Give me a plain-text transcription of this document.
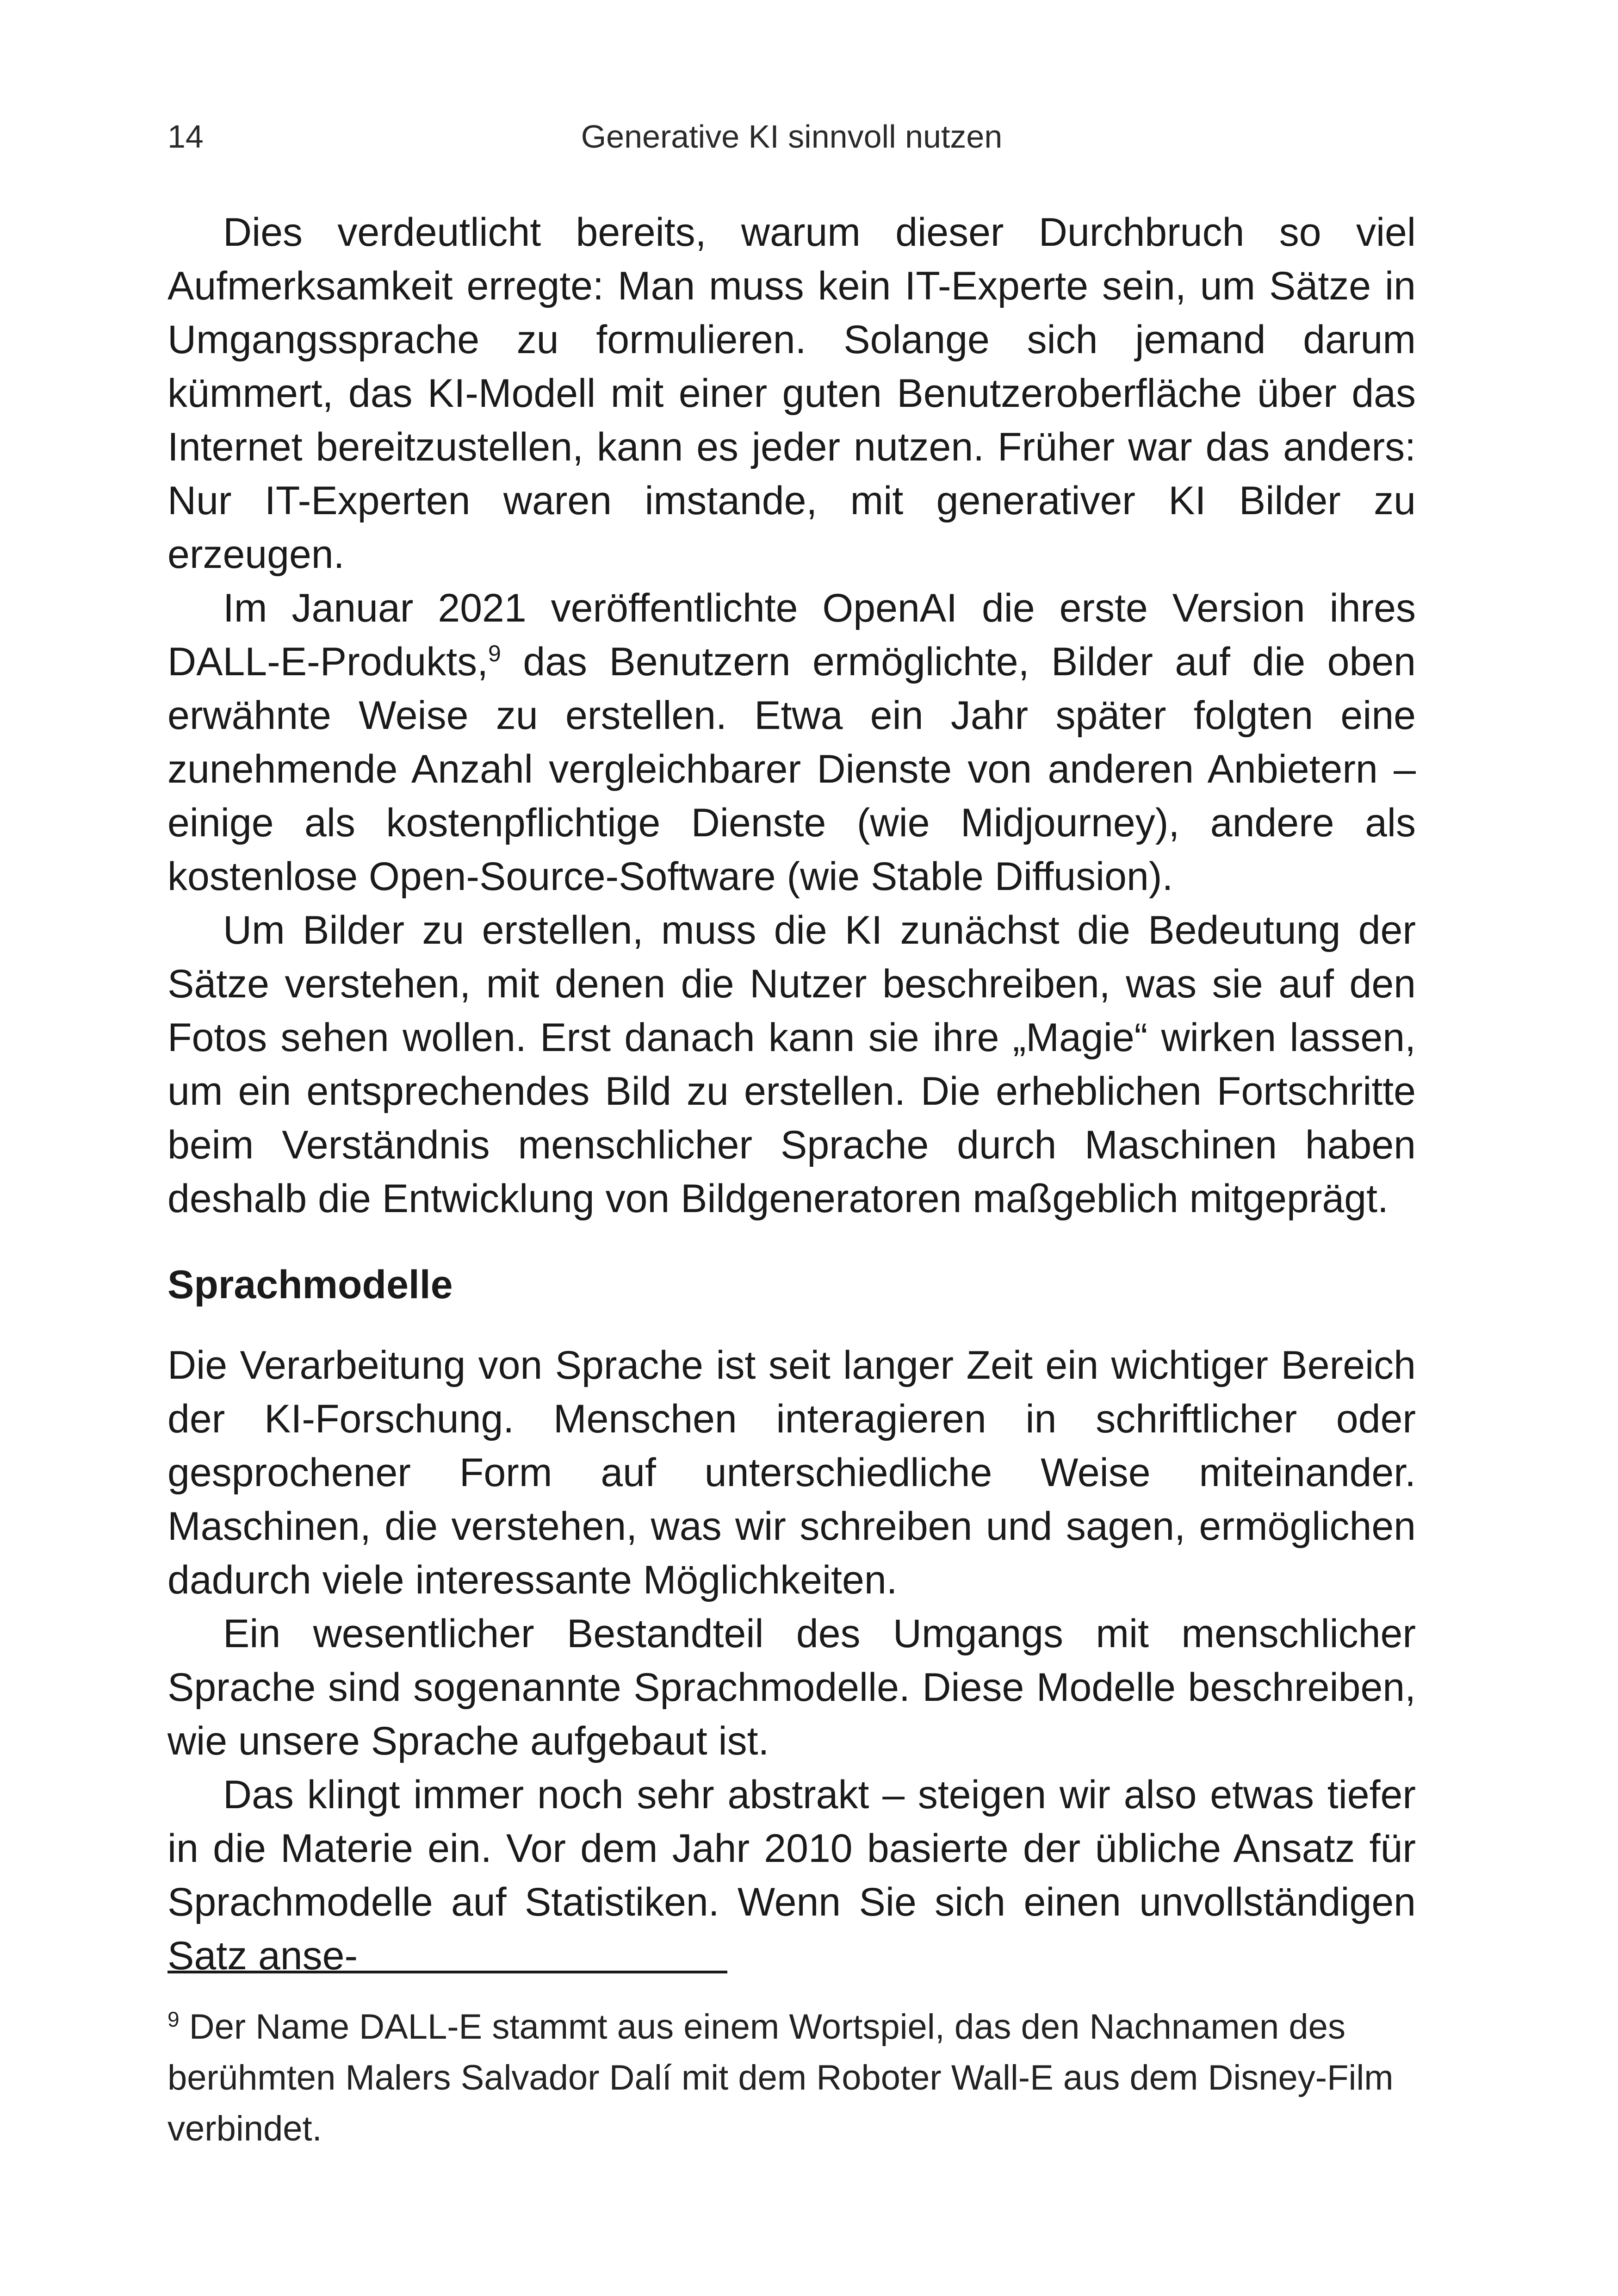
14	Generative KI sinnvoll nutzen

Dies verdeutlicht bereits, warum dieser Durchbruch so viel Aufmerksamkeit erregte: Man muss kein IT-Experte sein, um Sätze in Umgangssprache zu formulieren. Solange sich jemand darum kümmert, das KI-Modell mit einer guten Benutzeroberfläche über das Internet bereitzustellen, kann es jeder nutzen. Früher war das anders: Nur IT-Experten waren imstande, mit generativer KI Bilder zu erzeugen.

Im Januar 2021 veröffentlichte OpenAI die erste Version ihres DALL-E-Produkts,$^9$ das Benutzern ermöglichte, Bilder auf die oben erwähnte Weise zu erstellen. Etwa ein Jahr später folgten eine zunehmende Anzahl vergleichbarer Dienste von anderen Anbietern – einige als kostenpflichtige Dienste (wie Midjourney), andere als kostenlose Open-Source-Software (wie Stable Diffusion).

Um Bilder zu erstellen, muss die KI zunächst die Bedeutung der Sätze verstehen, mit denen die Nutzer beschreiben, was sie auf den Fotos sehen wollen. Erst danach kann sie ihre „Magie“ wirken lassen, um ein entsprechendes Bild zu erstellen. Die erheblichen Fortschritte beim Verständnis menschlicher Sprache durch Maschinen haben deshalb die Entwicklung von Bildgeneratoren maßgeblich mitgeprägt.

Sprachmodelle

Die Verarbeitung von Sprache ist seit langer Zeit ein wichtiger Bereich der KI-Forschung. Menschen interagieren in schriftlicher oder gesprochener Form auf unterschiedliche Weise miteinander. Maschinen, die verstehen, was wir schreiben und sagen, ermöglichen dadurch viele interessante Möglichkeiten.

Ein wesentlicher Bestandteil des Umgangs mit menschlicher Sprache sind sogenannte Sprachmodelle. Diese Modelle beschreiben, wie unsere Sprache aufgebaut ist.

Das klingt immer noch sehr abstrakt – steigen wir also etwas tiefer in die Materie ein. Vor dem Jahr 2010 basierte der übliche Ansatz für Sprachmodelle auf Statistiken. Wenn Sie sich einen unvollständigen Satz anse-

$^9$ Der Name DALL-E stammt aus einem Wortspiel, das den Nachnamen des berühmten Malers Salvador Dalí mit dem Roboter Wall-E aus dem Disney-Film verbindet.
